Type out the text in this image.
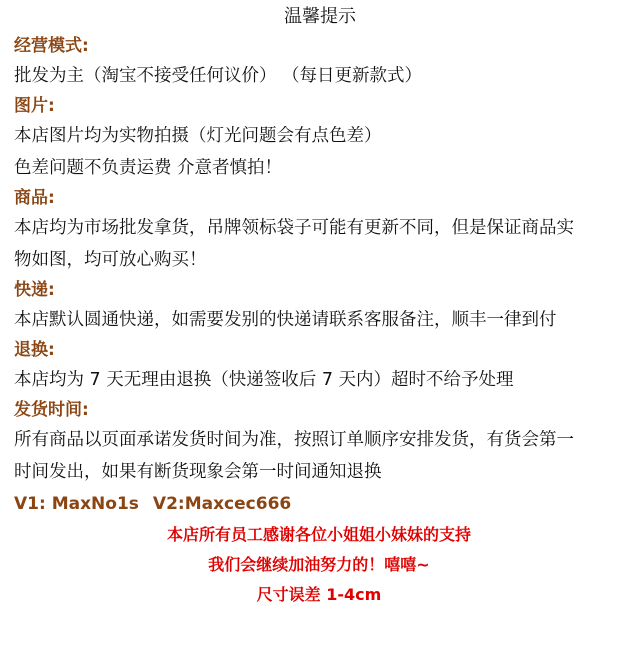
温馨提示

经营模式:

批发为主（淘宝不接受任何议价） （每日更新款式）

图片:

本店图片均为实物拍摄（灯光问题会有点色差）

色差问题不负责运费 介意者慎拍！

商品:

本店均为市场批发拿货，吊牌领标袋子可能有更新不同，但是保证商品实

物如图，均可放心购买！

快递:

本店默认圆通快递，如需要发别的快递请联系客服备注，顺丰一律到付

退换:

本店均为 7 天无理由退换（快递签收后 7 天内）超时不给予处理

发货时间:

所有商品以页面承诺发货时间为准，按照订单顺序安排发货，有货会第一

时间发出，如果有断货现象会第一时间通知退换

V1: MaxNo1s V2:Maxcec666

本店所有员工感谢各位小姐姐小妹妹的支持

我们会继续加油努力的！嘻嘻~

尺寸误差 1-4cm
